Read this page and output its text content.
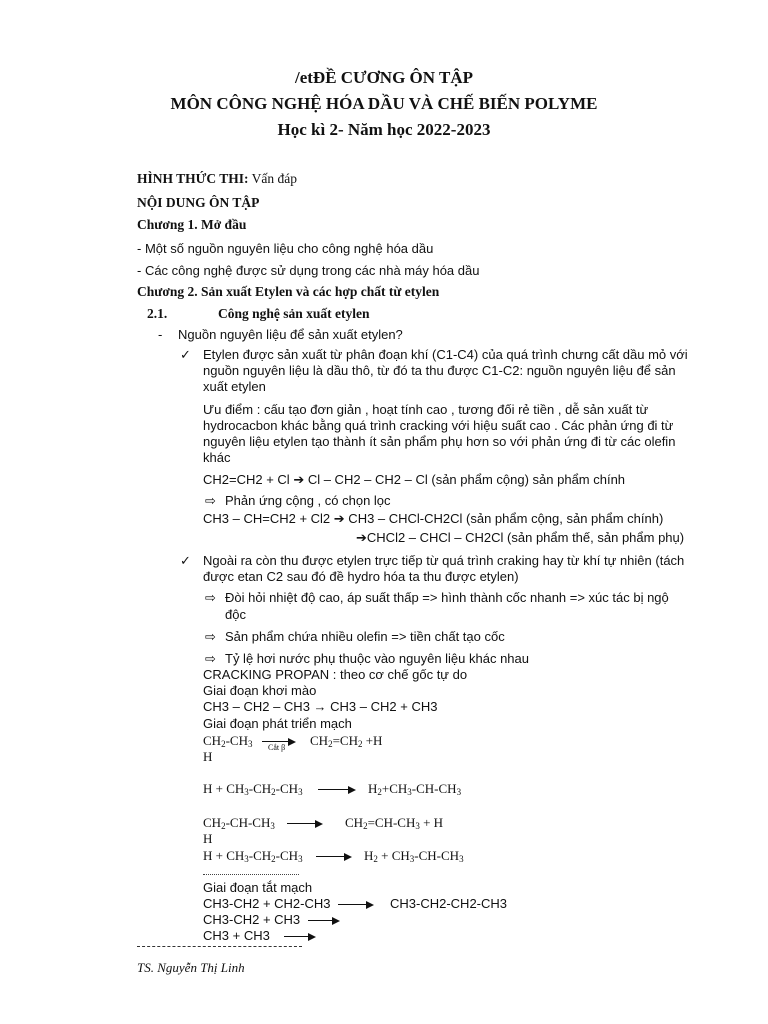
/etĐỀ CƯƠNG ÔN TẬP
MÔN CÔNG NGHỆ HÓA DẦU VÀ CHẾ BIẾN POLYME
Học kì 2- Năm học 2022-2023
HÌNH THỨC THI: Vấn đáp
NỘI DUNG ÔN TẬP
Chương 1. Mở đầu
- Một số nguồn nguyên liệu cho công nghệ hóa dầu
- Các công nghệ được sử dụng trong các nhà máy hóa dầu
Chương 2. Sản xuất Etylen và các hợp chất từ etylen
2.1.	Công nghệ sản xuất etylen
- Nguồn nguyên liệu để sản xuất etylen?
✓ Etylen được sản xuất từ phân đoạn khí (C1-C4) của quá trình chưng cất dầu mỏ với
nguồn nguyên liệu là dầu thô, từ đó ta thu được C1-C2: nguồn nguyên liệu để sản
xuất etylen
Ưu điểm : cấu tạo đơn giản , hoạt tính cao , tương đối rẻ tiền , dễ sản xuất từ
hydrocacbon khác bằng quá trình cracking với hiệu suất cao . Các phản ứng đi từ
nguyên liệu etylen tạo thành ít sản phẩm phụ hơn so với phản ứng đi từ các olefin
khác
CH2=CH2 + Cl ➔ Cl – CH2 – CH2 – Cl (sản phẩm cộng) sản phẩm chính
⇨ Phản ứng cộng , có chọn lọc
CH3 – CH=CH2 + Cl2 ➔ CH3 – CHCl-CH2Cl (sản phẩm cộng, sản phẩm chính)
➔CHCl2 – CHCl – CH2Cl (sản phẩm thế, sản phẩm phụ)
✓ Ngoài ra còn thu được etylen trực tiếp từ quá trình craking hay từ khí tự nhiên (tách
được etan C2 sau đó đề hydro hóa ta thu được etylen)
⇨ Đòi hỏi nhiệt độ cao, áp suất thấp => hình thành cốc nhanh => xúc tác bị ngộ
độc
⇨ Sản phẩm chứa nhiều olefin => tiền chất tạo cốc
⇨ Tỷ lệ hơi nước phụ thuộc vào nguyên liệu khác nhau
CRACKING PROPAN : theo cơ chế gốc tự do
Giai đoạn khơi mào
CH3 – CH2 – CH3 → CH3 – CH2 + CH3
Giai đoạn phát triển mạch
$CH_2-CH_3$ →
Cắt β $CH_2=CH_2 +H$
H
$H + CH_3-CH_2-CH_3 \to H_2+CH_3-CH-CH_3$
$CH_2-CH-CH_3 \to CH_2=CH-CH_3 + H$
H
$H + CH_3-CH_2-CH_3 \to H_2 + CH_3-CH-CH_3$
Giai đoạn tắt mạch
CH3-CH2 + CH2-CH3 → CH3-CH2-CH2-CH3
CH3-CH2 + CH3 →
CH3 + CH3 →
TS. Nguyễn Thị Linh
